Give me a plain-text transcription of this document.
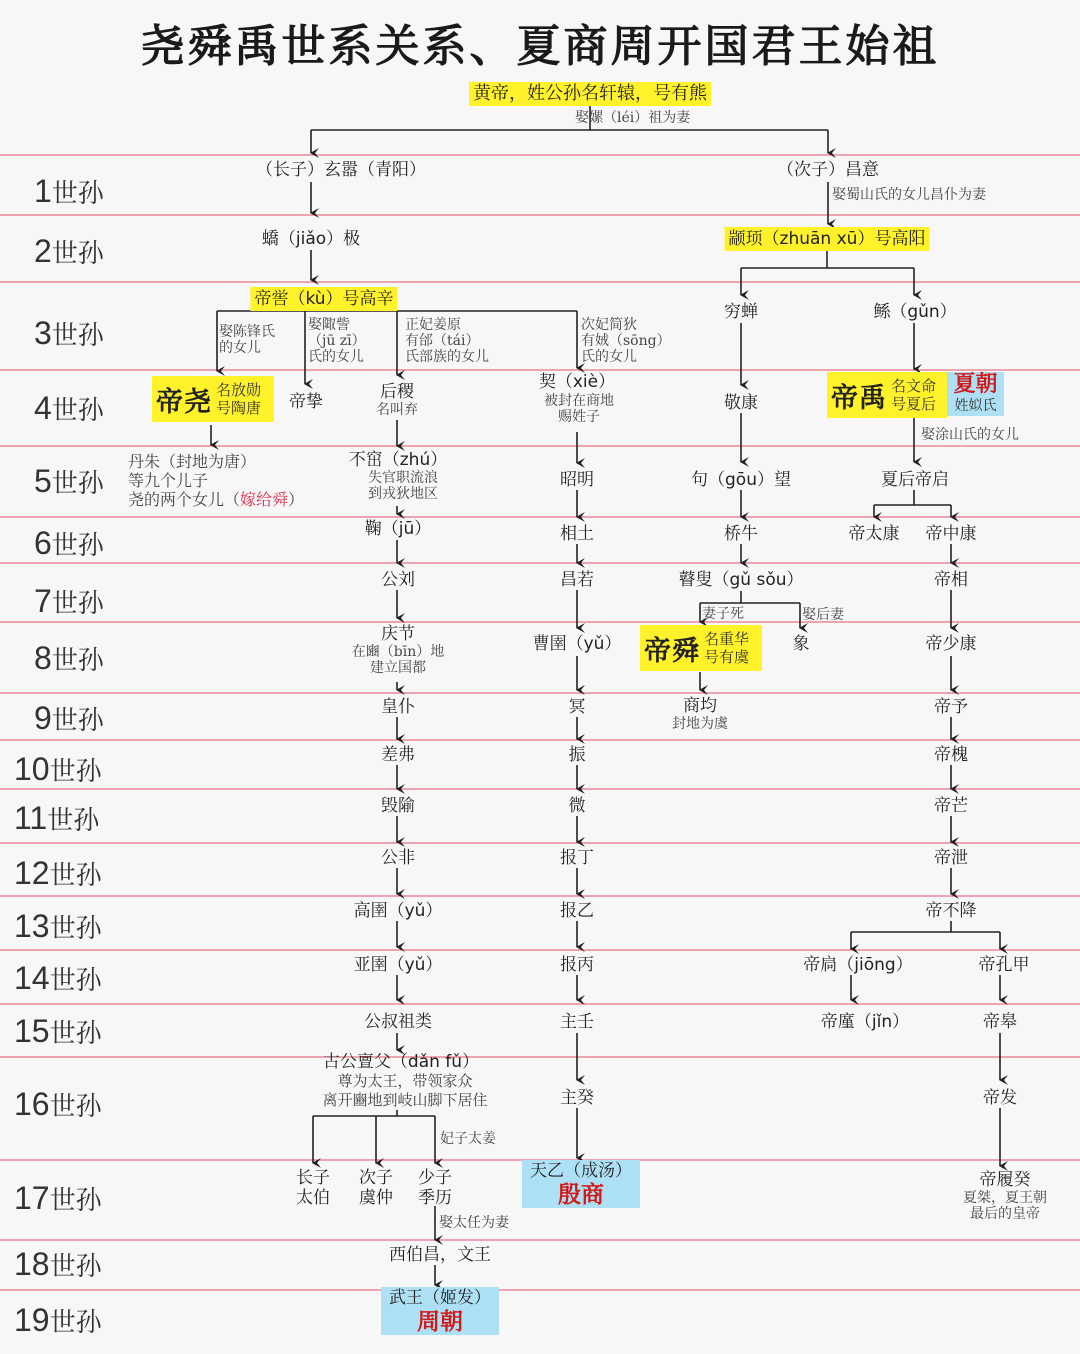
尧舜禹世系关系、夏商周开国君王始祖
1世孙
2世孙
3世孙
4世孙
5世孙
6世孙
7世孙
8世孙
9世孙
10世孙
11世孙
12世孙
13世孙
14世孙
15世孙
16世孙
17世孙
18世孙
19世孙
黄帝，姓公孙名轩辕，号有熊
娶嫘（léi）祖为妻
（长子）玄嚣（青阳）	（次子）昌意
娶蜀山氏的女儿昌仆为妻
蟜（jiǎo）极	颛顼（zhuān xū）号高阳
帝喾（kù）号高辛
娶陈锋氏
的女儿
娶陬訾
（jū zī）
氏的女儿
正妃姜原
有邰（tái）
氏部族的女儿
次妃简狄
有娀（sōng）
氏的女儿
穷蝉	鲧（gǔn）
帝尧 名放勋
号陶唐 帝挚	后稷
名叫弃
契（xiè）
被封在商地
赐姓子
敬康	帝禹 名文命
号夏后
夏朝
姓姒氏
娶涂山氏的女儿
丹朱（封地为唐）
等九个儿子
尧的两个女儿（嫁给舜）
不窋（zhú）
失官职流浪
到戎狄地区
昭明	句（gōu）望	夏后帝启
鞠（jū）	相土	桥牛	帝太康 帝中康
公刘	昌若	瞽叟（gǔ sǒu）	帝相
妻子死	娶后妻
庆节
在豳（bīn）地
建立国都
曹圉（yǔ） 帝舜 名重华
号有虞
象	帝少康
皇仆	冥	商均
封地为虞
帝予
差弗	振	帝槐
毁隃	微	帝芒
公非	报丁	帝泄
高圉（yǔ）	报乙	帝不降
亚圉（yǔ）	报丙	帝扃（jiōng）	帝孔甲
公叔祖类	主壬	帝廑（jǐn）	帝皋
古公亶父（dǎn fǔ）
尊为太王，带领家众
离开豳地到岐山脚下居住	主癸	帝发
妃子太姜
长子
太伯
次子
虞仲
少子
季历
天乙（成汤）
殷商
帝履癸
夏桀，夏王朝
最后的皇帝
娶太任为妻
西伯昌，文王
武王（姬发）
周朝
